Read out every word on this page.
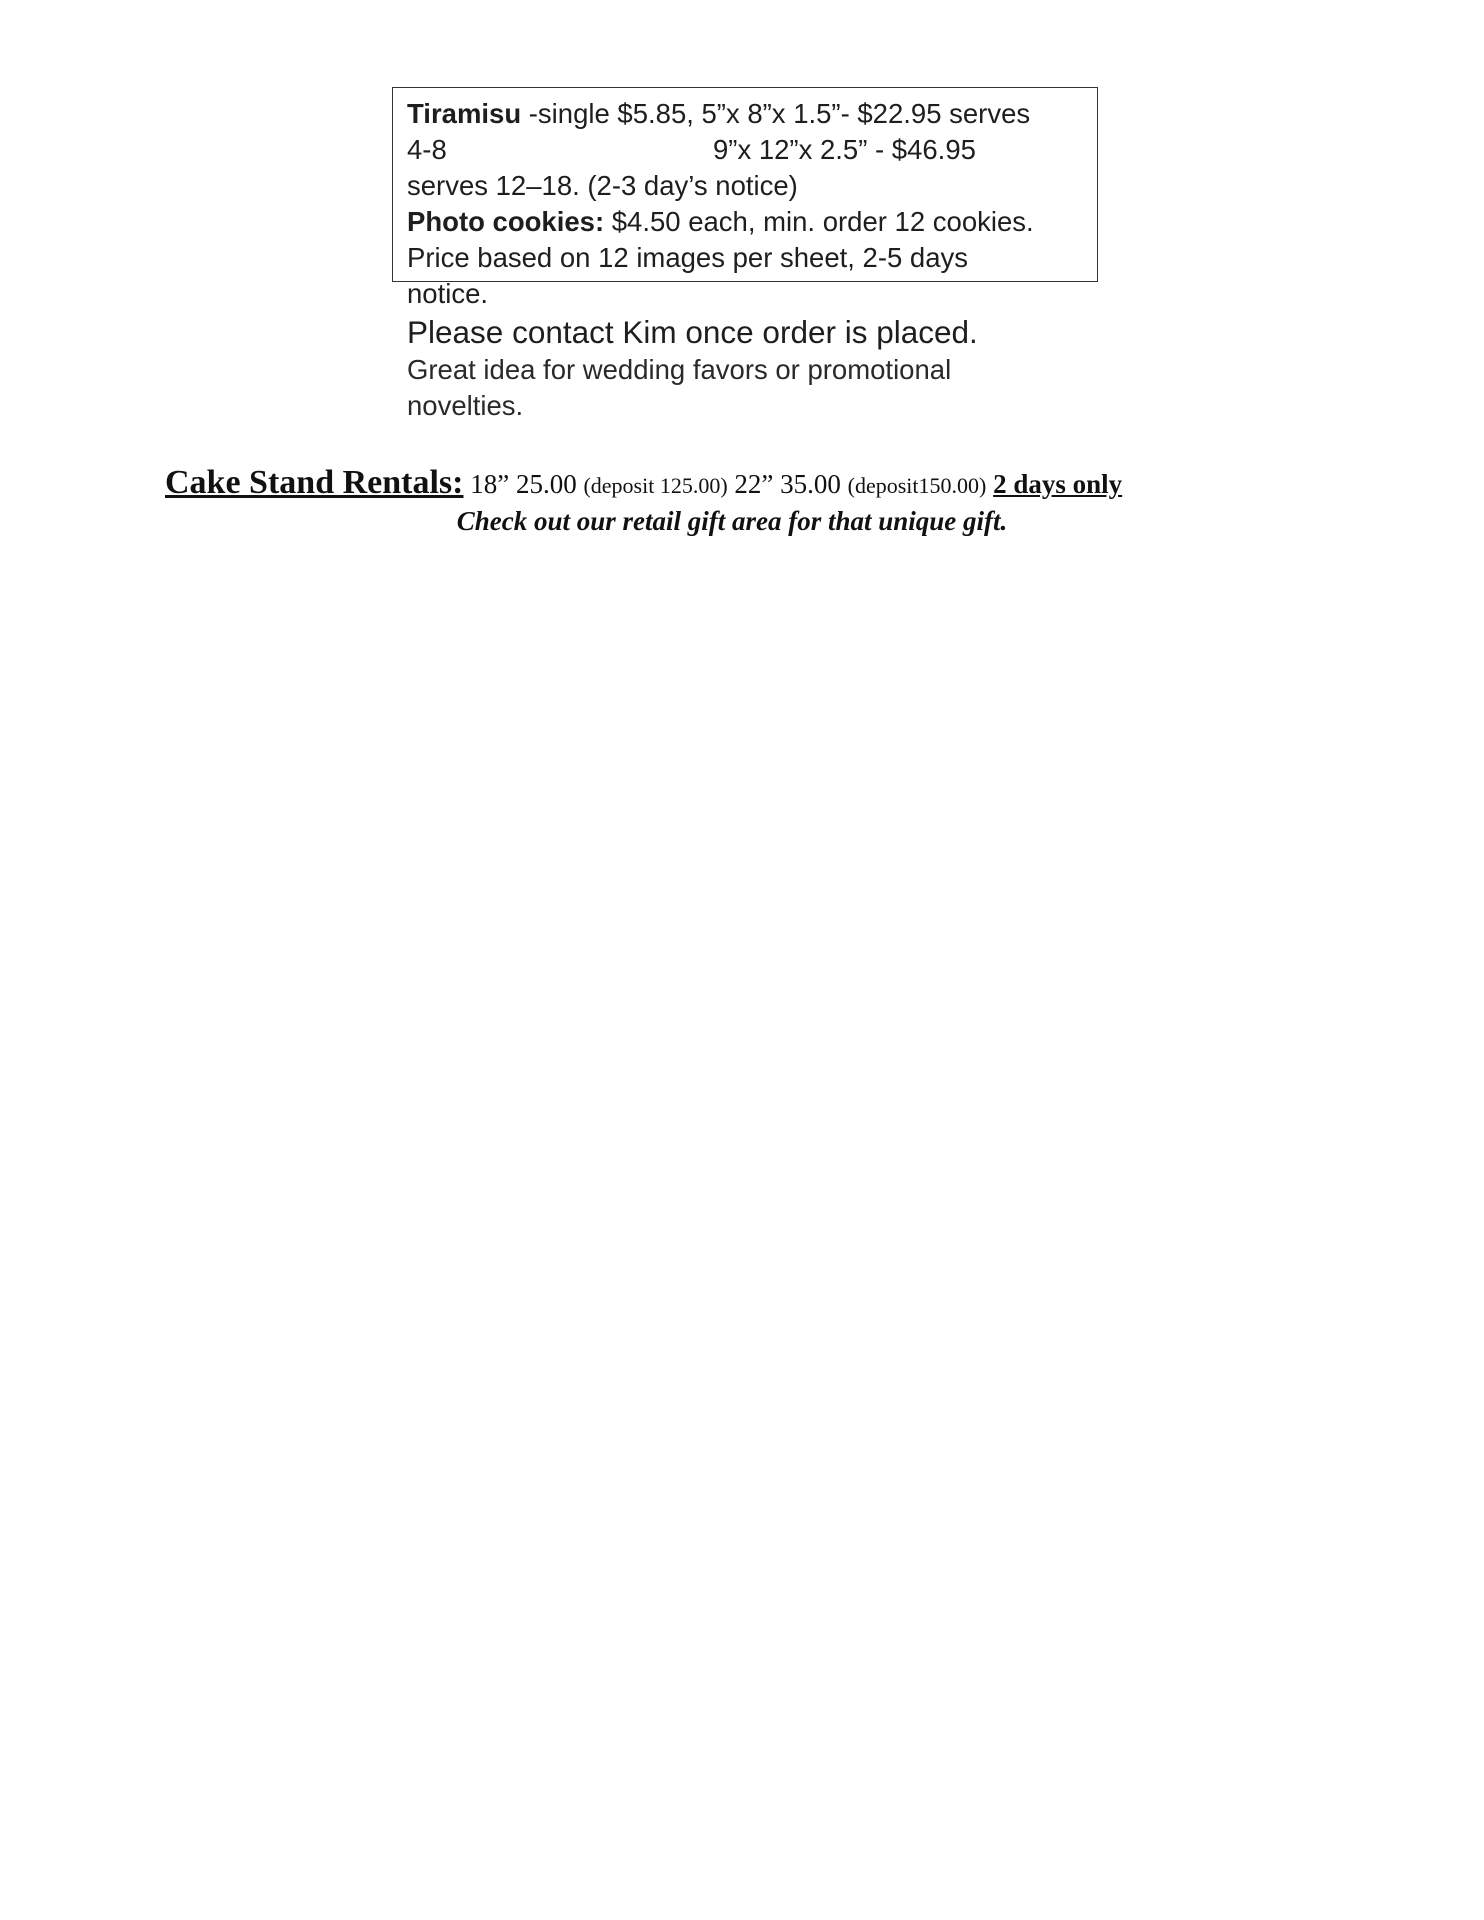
Tiramisu -single $5.85, 5”x 8”x 1.5”- $22.95 serves
4-8	9”x 12”x 2.5” - $46.95
serves 12–18. (2-3 day’s notice)
Photo cookies: $4.50 each, min. order 12 cookies.
Price based on 12 images per sheet, 2-5 days
notice.
Please contact Kim once order is placed.
Great idea for wedding favors or promotional
novelties.
Cake Stand Rentals: 18” 25.00 (deposit 125.00) 22” 35.00 (deposit150.00) 2 days only
Check out our retail gift area for that unique gift.
